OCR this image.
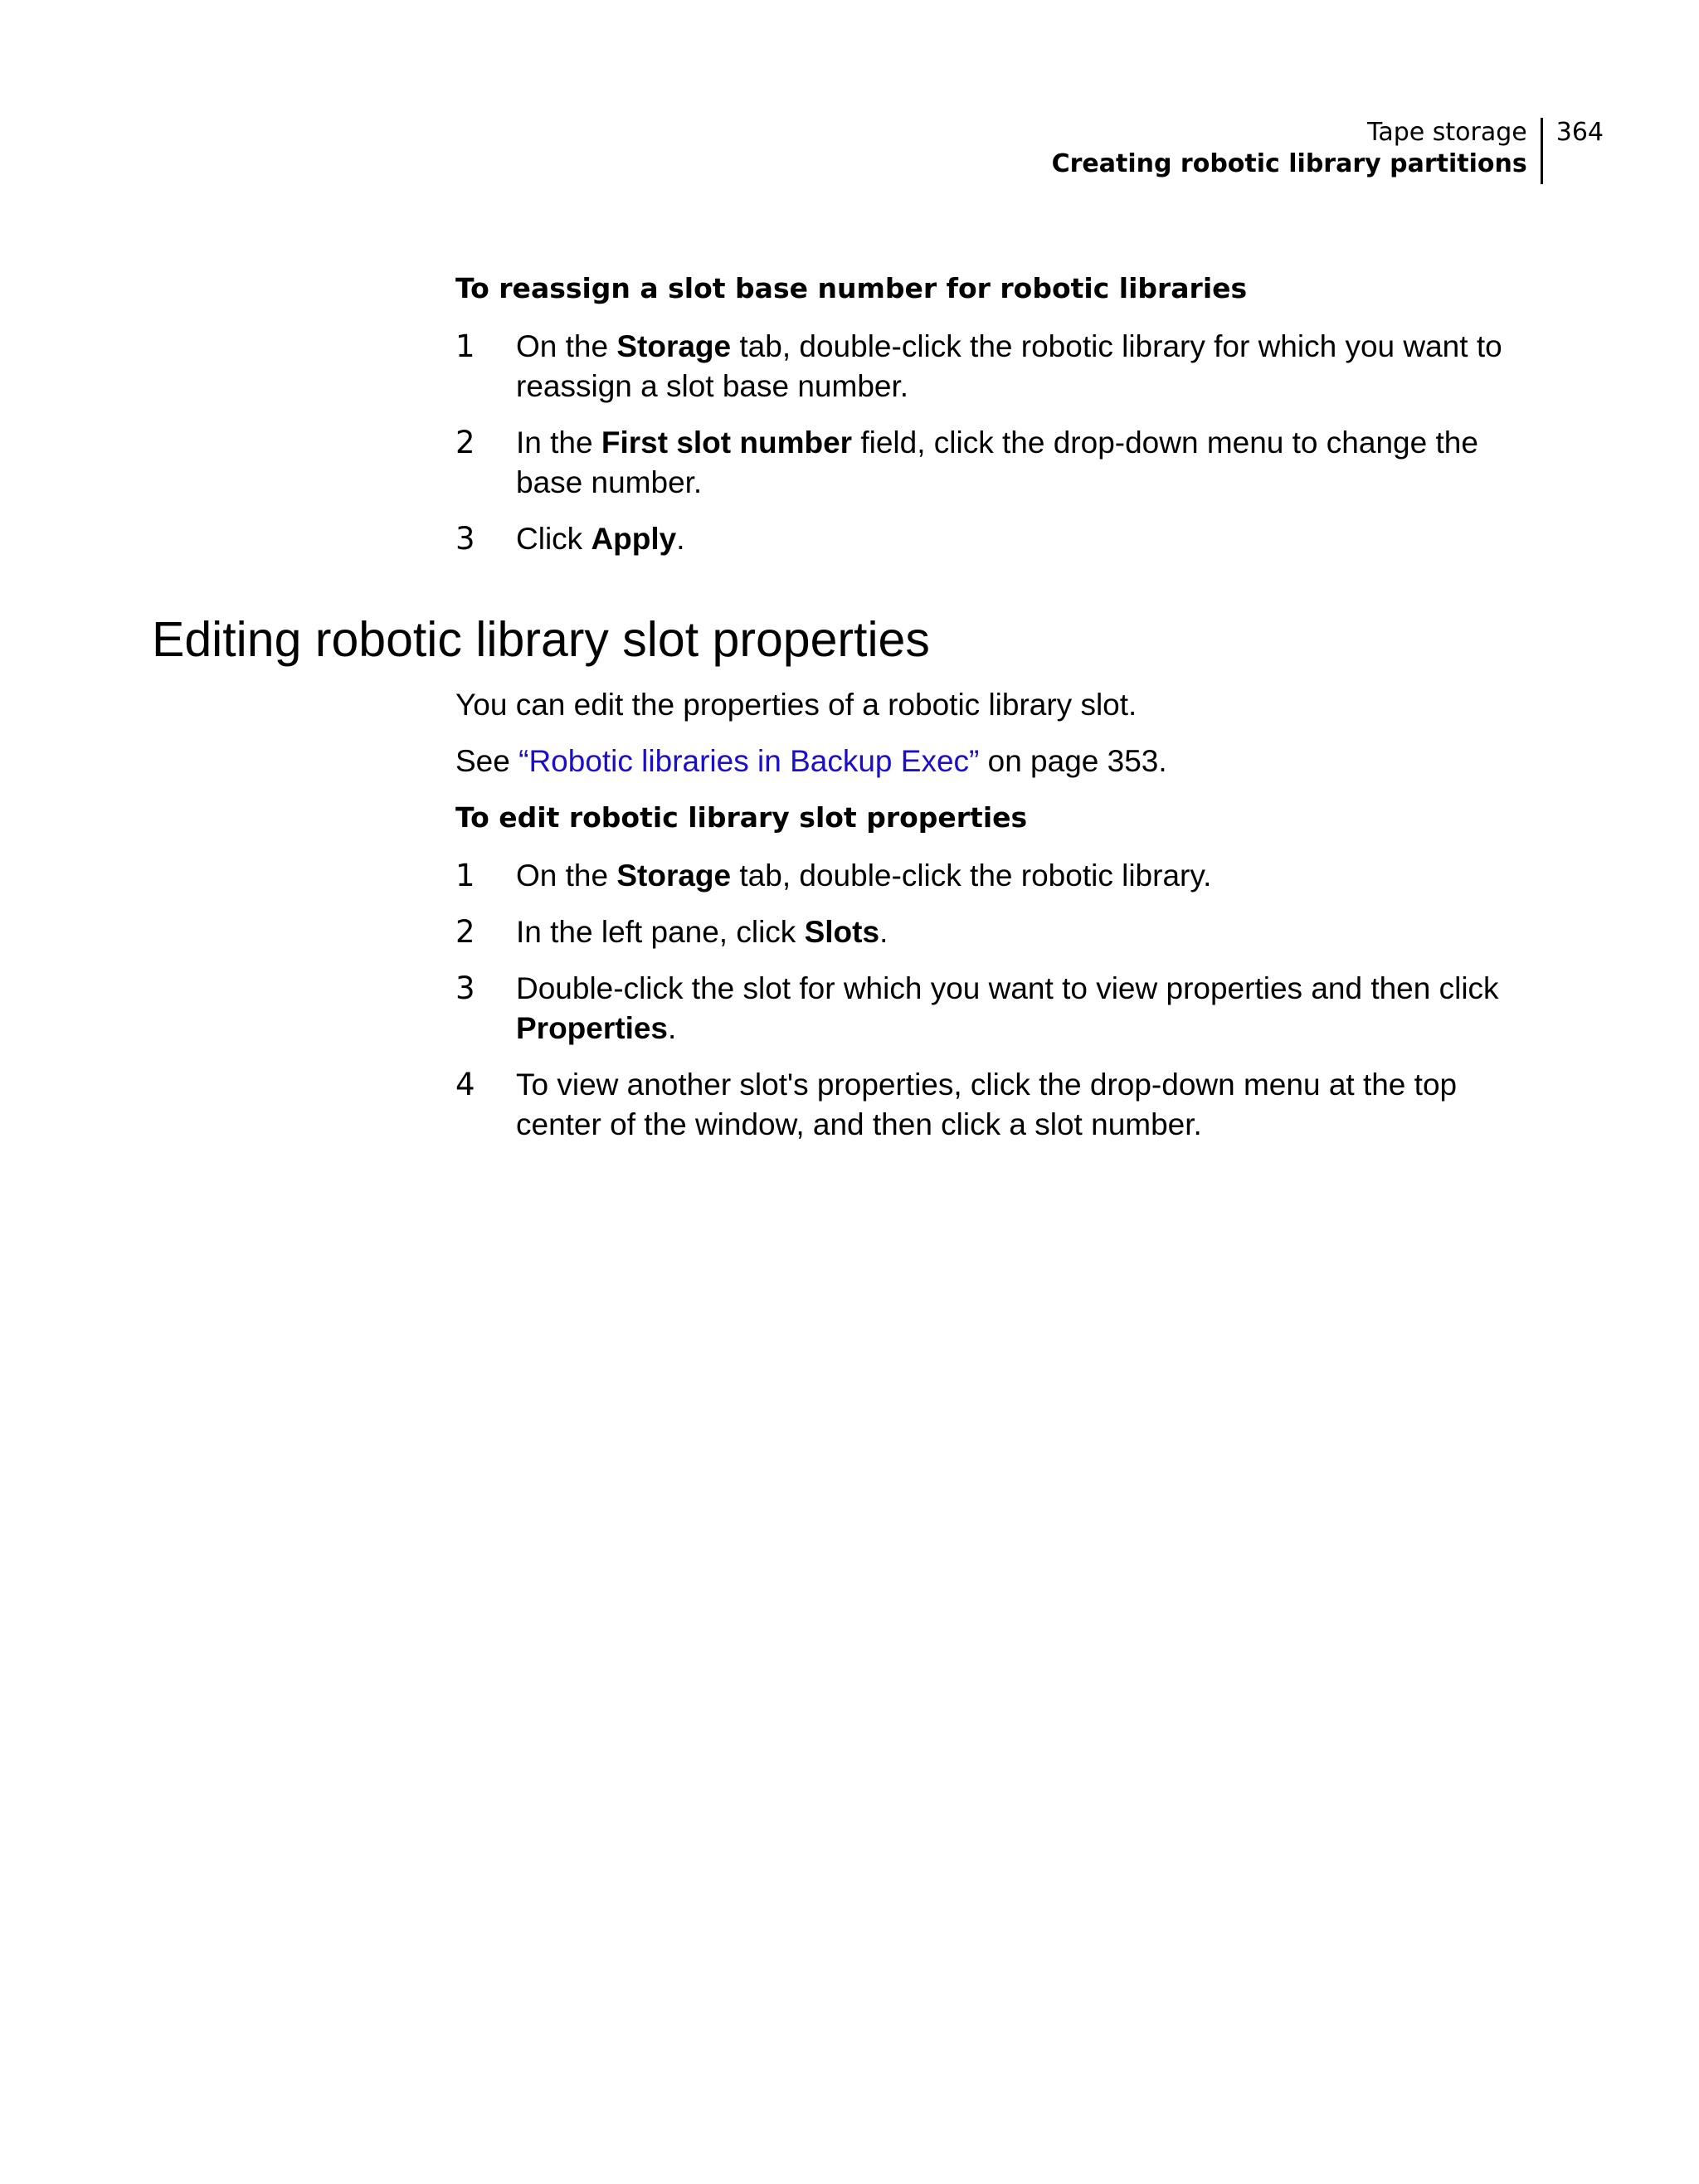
Tape storage
Creating robotic library partitions
364
To reassign a slot base number for robotic libraries
1	On the Storage tab, double-click the robotic library for which you want to reassign a slot base number.
2	In the First slot number field, click the drop-down menu to change the base number.
3	Click Apply.
Editing robotic library slot properties

You can edit the properties of a robotic library slot.

See “Robotic libraries in Backup Exec” on page 353.

To edit robotic library slot properties
1	On the Storage tab, double-click the robotic library.
2	In the left pane, click Slots.
3	Double-click the slot for which you want to view properties and then click Properties.
4	To view another slot's properties, click the drop-down menu at the top center of the window, and then click a slot number.
